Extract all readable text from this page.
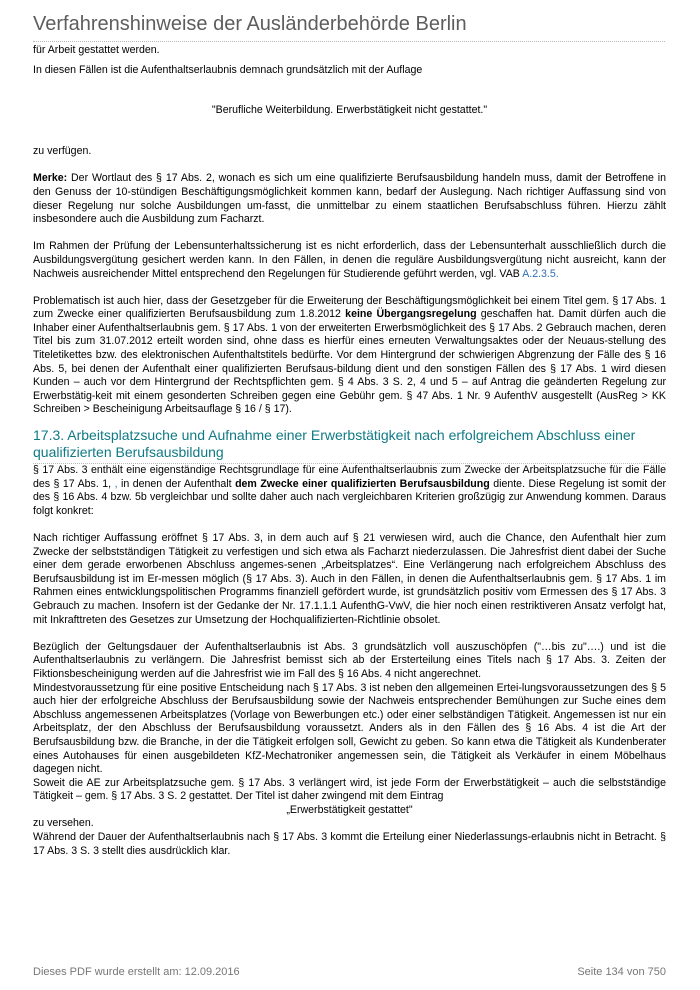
Verfahrenshinweise der Ausländerbehörde Berlin

für Arbeit gestattet werden.

In diesen Fällen ist die Aufenthaltserlaubnis demnach grundsätzlich mit der Auflage

"Berufliche Weiterbildung. Erwerbstätigkeit nicht gestattet."

zu verfügen.

Merke: Der Wortlaut des § 17 Abs. 2, wonach es sich um eine qualifizierte Berufsausbildung handeln muss, damit der Betroffene in den Genuss der 10-stündigen Beschäftigungsmöglichkeit kommen kann, bedarf der Auslegung. Nach richtiger Auffassung sind von dieser Regelung nur solche Ausbildungen um-fasst, die unmittelbar zu einem staatlichen Berufsabschluss führen. Hierzu zählt insbesondere auch die Ausbildung zum Facharzt.

Im Rahmen der Prüfung der Lebensunterhaltssicherung ist es nicht erforderlich, dass der Lebensunterhalt ausschließlich durch die Ausbildungsvergütung gesichert werden kann. In den Fällen, in denen die reguläre Ausbildungsvergütung nicht ausreicht, kann der Nachweis ausreichender Mittel entsprechend den Regelungen für Studierende geführt werden, vgl. VAB A.2.3.5.

Problematisch ist auch hier, dass der Gesetzgeber für die Erweiterung der Beschäftigungsmöglichkeit bei einem Titel gem. § 17 Abs. 1 zum Zwecke einer qualifizierten Berufsausbildung zum 1.8.2012 keine Übergangsregelung geschaffen hat. Damit dürfen auch die Inhaber einer Aufenthaltserlaubnis gem. § 17 Abs. 1 von der erweiterten Erwerbsmöglichkeit des § 17 Abs. 2 Gebrauch machen, deren Titel bis zum 31.07.2012 erteilt worden sind, ohne dass es hierfür eines erneuten Verwaltungsaktes oder der Neuaus-stellung des Titeletikettes bzw. des elektronischen Aufenthaltstitels bedürfte. Vor dem Hintergrund der schwierigen Abgrenzung der Fälle des § 16 Abs. 5, bei denen der Aufenthalt einer qualifizierten Berufsaus-bildung dient und den sonstigen Fällen des § 17 Abs. 1 wird diesen Kunden – auch vor dem Hintergrund der Rechtspflichten gem. § 4 Abs. 3 S. 2, 4 und 5 – auf Antrag die geänderten Regelung zur Erwerbstätig-keit mit einem gesonderten Schreiben gegen eine Gebühr gem. § 47 Abs. 1 Nr. 9 AufenthV ausgestellt (AusReg > KK Schreiben > Bescheinigung Arbeitsauflage § 16 / § 17).

17.3. Arbeitsplatzsuche und Aufnahme einer Erwerbstätigkeit nach erfolgreichem Abschluss einer qualifizierten Berufsausbildung

§ 17 Abs. 3 enthält eine eigenständige Rechtsgrundlage für eine Aufenthaltserlaubnis zum Zwecke der Arbeitsplatzsuche für die Fälle des § 17 Abs. 1, , in denen der Aufenthalt dem Zwecke einer qualifizierten Berufsausbildung diente. Diese Regelung ist somit der des § 16 Abs. 4 bzw. 5b vergleichbar und sollte daher auch nach vergleichbaren Kriterien großzügig zur Anwendung kommen. Daraus folgt konkret:

Nach richtiger Auffassung eröffnet § 17 Abs. 3, in dem auch auf § 21 verwiesen wird, auch die Chance, den Aufenthalt hier zum Zwecke der selbstständigen Tätigkeit zu verfestigen und sich etwa als Facharzt niederzulassen. Die Jahresfrist dient dabei der Suche einer dem gerade erworbenen Abschluss angemes-senen „Arbeitsplatzes“. Eine Verlängerung nach erfolgreichem Abschluss des Berufsausbildung ist im Er-messen möglich (§ 17 Abs. 3). Auch in den Fällen, in denen die Aufenthaltserlaubnis gem. § 17 Abs. 1 im Rahmen eines entwicklungspolitischen Programms finanziell gefördert wurde, ist grundsätzlich positiv vom Ermessen des § 17 Abs. 3 Gebrauch zu machen. Insofern ist der Gedanke der Nr. 17.1.1.1 AufenthG-VwV, die hier noch einen restriktiveren Ansatz verfolgt hat, mit Inkrafttreten des Gesetzes zur Umsetzung der Hochqualifizierten-Richtlinie obsolet.

Bezüglich der Geltungsdauer der Aufenthaltserlaubnis ist Abs. 3 grundsätzlich voll auszuschöpfen ("…bis zu"….) und ist die Aufenthaltserlaubnis zu verlängern. Die Jahresfrist bemisst sich ab der Ersterteilung eines Titels nach § 17 Abs. 3. Zeiten der Fiktionsbescheinigung werden auf die Jahresfrist wie im Fall des § 16 Abs. 4 nicht angerechnet.

Mindestvoraussetzung für eine positive Entscheidung nach § 17 Abs. 3 ist neben den allgemeinen Ertei-lungsvoraussetzungen des § 5 auch hier der erfolgreiche Abschluss der Berufsausbildung sowie der Nachweis entsprechender Bemühungen zur Suche eines dem Abschluss angemessenen Arbeitsplatzes (Vorlage von Bewerbungen etc.) oder einer selbständigen Tätigkeit. Angemessen ist nur ein Arbeitsplatz, der den Abschluss der Berufsausbildung voraussetzt. Anders als in den Fällen des § 16 Abs. 4 ist die Art der Berufsausbildung bzw. die Branche, in der die Tätigkeit erfolgen soll, Gewicht zu geben. So kann etwa die Tätigkeit als Kundenberater eines Autohauses für einen ausgebildeten KfZ-Mechatroniker angemessen sein, die Tätigkeit als Verkäufer in einem Möbelhaus dagegen nicht.

Soweit die AE zur Arbeitsplatzsuche gem. § 17 Abs. 3 verlängert wird, ist jede Form der Erwerbstätigkeit – auch die selbstständige Tätigkeit – gem. § 17 Abs. 3 S. 2 gestattet. Der Titel ist daher zwingend mit dem Eintrag

„Erwerbstätigkeit gestattet"

zu versehen.

Während der Dauer der Aufenthaltserlaubnis nach § 17 Abs. 3 kommt die Erteilung einer Niederlassungs-erlaubnis nicht in Betracht. § 17 Abs. 3 S. 3 stellt dies ausdrücklich klar.

Dieses PDF wurde erstellt am: 12.09.2016	Seite 134 von 750
